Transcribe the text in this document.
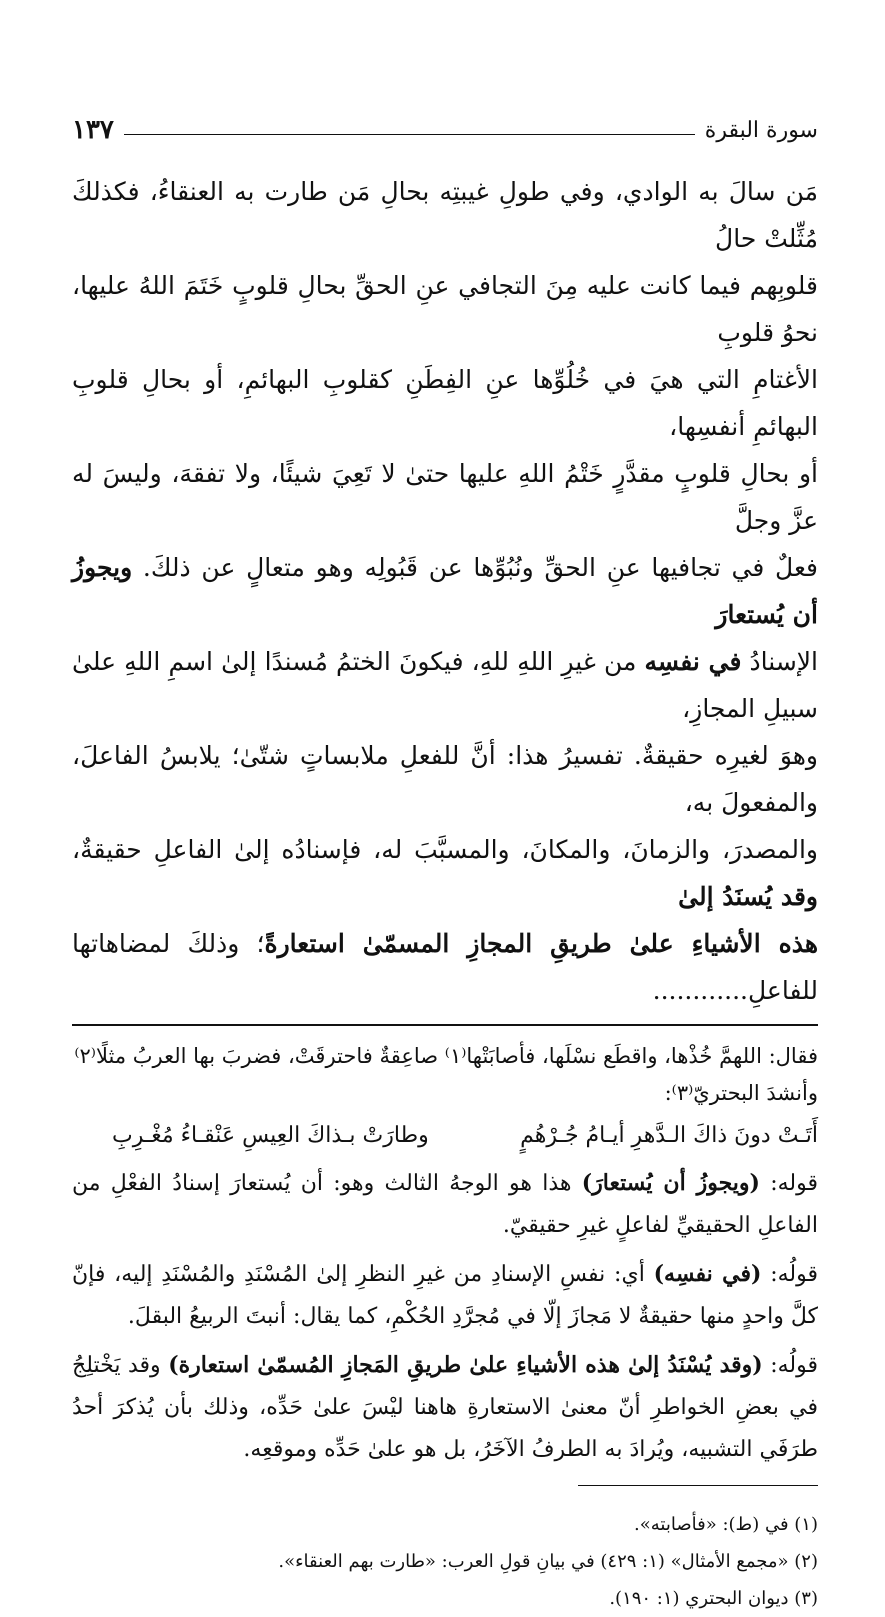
سورة البقرة
١٣٧

مَن سالَ به الوادي، وفي طولِ غيبتِه بحالِ مَن طارت به العنقاءُ، فكذلكَ مُثِّلتْ حالُ

قلوبِهم فيما كانت عليه مِنَ التجافي عنِ الحقِّ بحالِ قلوبٍ خَتَمَ اللهُ عليها، نحوُ قلوبِ

الأغتامِ التي هيَ في خُلُوِّها عنِ الفِطَنِ كقلوبِ البهائمِ، أو بحالِ قلوبِ البهائمِ أنفسِها،

أو بحالِ قلوبٍ مقدَّرٍ خَتْمُ اللهِ عليها حتىٰ لا تَعِيَ شيئًا، ولا تفقهَ، وليسَ له عزَّ وجلَّ

فعلٌ في تجافيها عنِ الحقِّ ونُبُوِّها عن قَبُولِه وهو متعالٍ عن ذلكَ. ويجوزُ أن يُستعارَ

الإسنادُ في نفسِه من غيرِ اللهِ للهِ، فيكونَ الختمُ مُسندًا إلىٰ اسمِ اللهِ علىٰ سبيلِ المجازِ،

وهوَ لغيرِه حقيقةٌ. تفسيرُ هذا: أنَّ للفعلِ ملابساتٍ شتّىٰ؛ يلابسُ الفاعلَ، والمفعولَ به،

والمصدرَ، والزمانَ، والمكانَ، والمسبَّبَ له، فإسنادُه إلىٰ الفاعلِ حقيقةٌ، وقد يُسنَدُ إلىٰ

هذه الأشياءِ علىٰ طريقِ المجازِ المسمّىٰ استعارةً؛ وذلكَ لمضاهاتها للفاعلِ............

فقال: اللهمَّ خُذْها، واقطَع نسْلَها، فأصابَتْها⁽١⁾ صاعِقةٌ فاحترقَتْ، فضربَ بها العربُ مثلًا⁽٢⁾

وأنشدَ البحتريّ⁽٣⁾:

أَتَـتْ دونَ ذاكَ الـدَّهرِ أيـامُ جُـرْهُمٍ
وطارَتْ بـذاكَ العِيسِ عَنْقـاءُ مُغْـرِبِ

قوله: (ويجوزُ أن يُستعارَ) هذا هو الوجهُ الثالث وهو: أن يُستعارَ إسنادُ الفعْلِ من الفاعلِ الحقيقيِّ لفاعلٍ غيرِ حقيقيّ.

قولُه: (في نفسِه) أي: نفسِ الإسنادِ من غيرِ النظرِ إلىٰ المُسْنَدِ والمُسْنَدِ إليه، فإنّ كلَّ واحدٍ منها حقيقةٌ لا مَجازَ إلّا في مُجرَّدِ الحُكْمِ، كما يقال: أنبتَ الربيعُ البقلَ.

قولُه: (وقد يُسْنَدُ إلىٰ هذه الأشياءِ علىٰ طريقِ المَجازِ المُسمّىٰ استعارة) وقد يَخْتلِجُ في بعضِ الخواطرِ أنّ معنىٰ الاستعارةِ هاهنا ليْسَ علىٰ حَدِّه، وذلك بأن يُذكرَ أحدُ طرَفَي التشبيه، ويُرادَ به الطرفُ الآخَرُ، بل هو علىٰ حَدِّه وموقعِه.

(١) في (ط): «فأصابته».
(٢) «مجمع الأمثال» (١: ٤٢٩) في بيانِ قولِ العرب: «طارت بهم العنقاء».
(٣) ديوان البحتري (١: ١٩٠).
